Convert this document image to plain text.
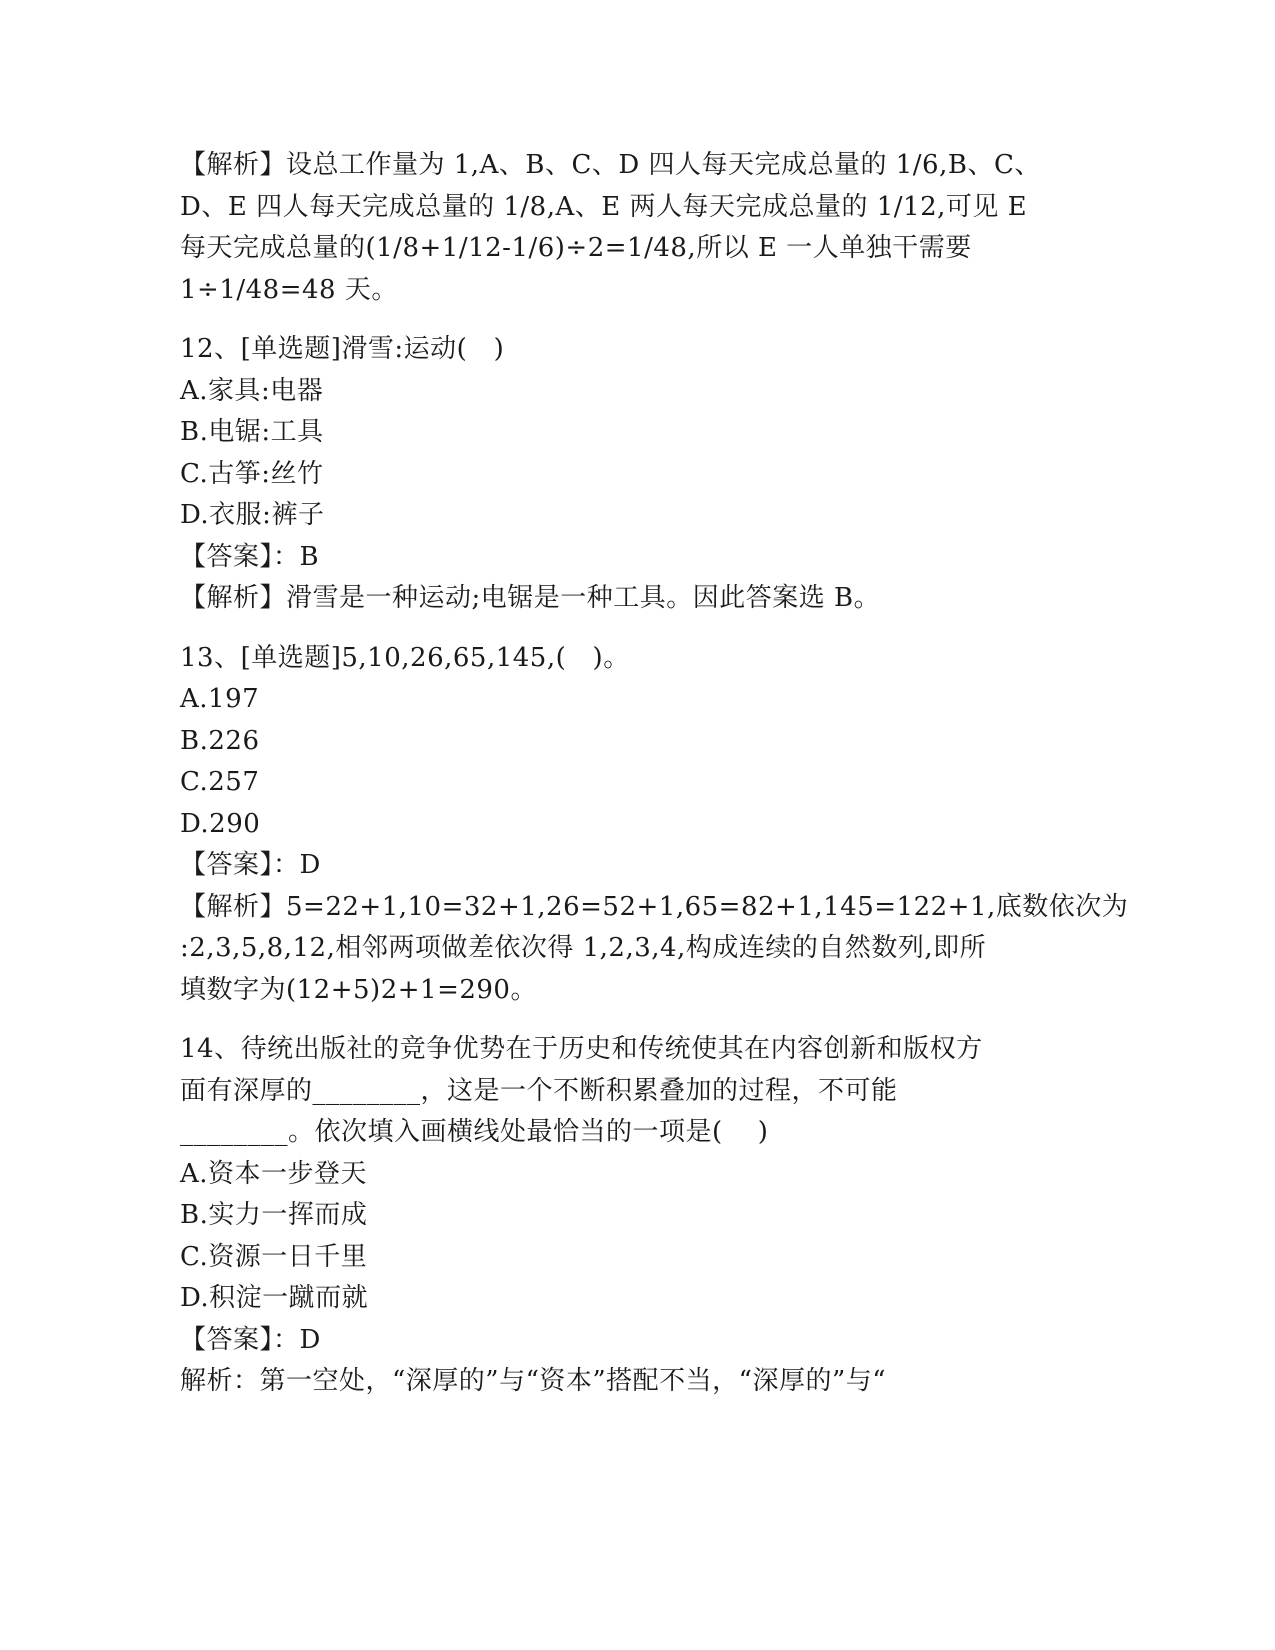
【解析】设总工作量为 1,A、B、C、D 四人每天完成总量的 1/6,B、C、
D、E 四人每天完成总量的 1/8,A、E 两人每天完成总量的 1/12,可见 E
每天完成总量的(1/8+1/12-1/6)÷2=1/48,所以 E 一人单独干需要
1÷1/48=48 天。
12、[单选题]滑雪:运动(   )
A.家具:电器
B.电锯:工具
C.古筝:丝竹
D.衣服:裤子
【答案】：B
【解析】滑雪是一种运动;电锯是一种工具。因此答案选 B。
13、[单选题]5,10,26,65,145,(   )。
A.197
B.226
C.257
D.290
【答案】：D
【解析】5=22+1,10=32+1,26=52+1,65=82+1,145=122+1,底数依次为
:2,3,5,8,12,相邻两项做差依次得 1,2,3,4,构成连续的自然数列,即所
填数字为(12+5)2+1=290。
14、待统出版社的竞争优势在于历史和传统使其在内容创新和版权方
面有深厚的________，这是一个不断积累叠加的过程，不可能
________。依次填入画横线处最恰当的一项是(    )
A.资本一步登天
B.实力一挥而成
C.资源一日千里
D.积淀一蹴而就
【答案】：D
解析：第一空处，“深厚的”与“资本”搭配不当，“深厚的”与“
